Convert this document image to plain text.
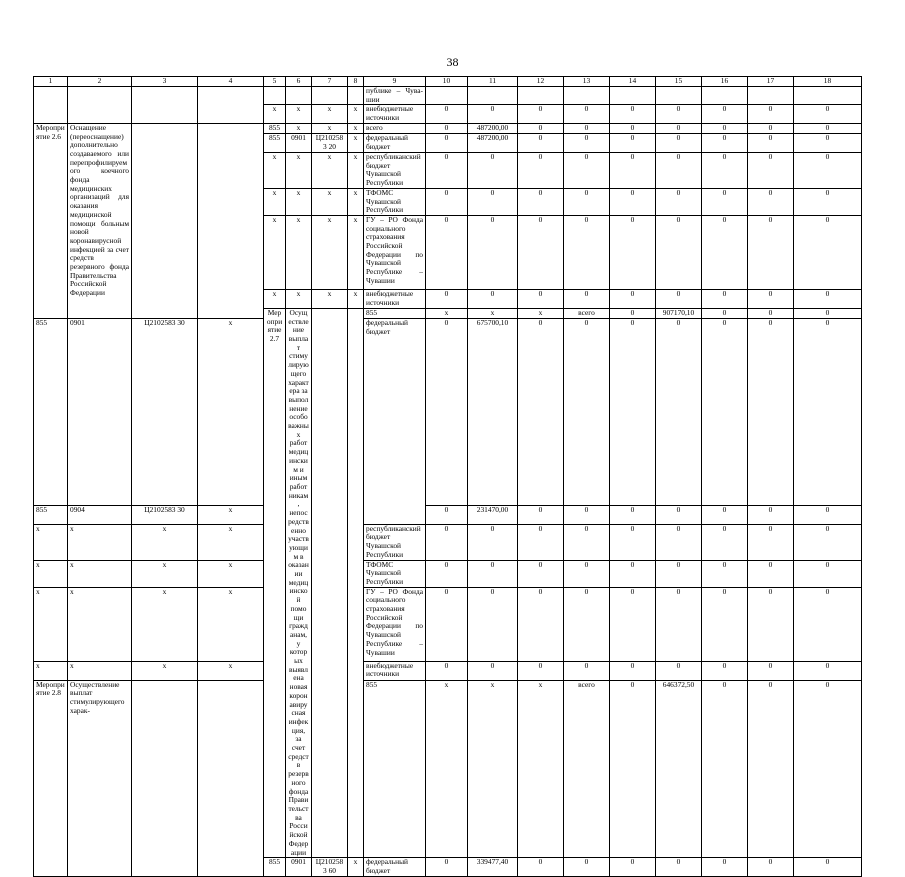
38
1	2	3	4	5	6	7	8	9	10	11	12	13	14	15	16	17	18	
								публике – Чува-шии										
				x	x	x	x	внебюджетные источники	0	0	0	0	0	0	0	0	0	
Мероприятие 2.6	Оснащение (переоснащение) дополнительно создаваемого или перепрофилируемого коечного фонда медицинских организаций для оказания медицинской помощи больным новой коронавирусной инфекцией за счет средств резервного фонда Правительства Российской Федерации			855	x	x	x	всего	0	487200,00	0	0	0	0	0	0	0	
				855	0901	Ц2102583 20	x	федеральный бюджет	0	487200,00	0	0	0	0	0	0	0	
				x	x	x	x	республиканский бюджет Чувашской Республики	0	0	0	0	0	0	0	0	0	
				x	x	x	x	ТФОМС Чувашской Республики	0	0	0	0	0	0	0	0	0	
				x	x	x	x	ГУ – РО Фонда социального страхования Российской Федерации по Чувашской Республике – Чувашии	0	0	0	0	0	0	0	0	0	
				x	x	x	x	внебюджетные источники	0	0	0	0	0	0	0	0	0	
				Мероприятие 2.7	Осуществление выплат стимулирующего характера за выполнение особо важных работ медицинским и иным работникам, непосредственно участвующим в оказании медицинской помощи гражданам, у которых выявлена новая коронавирусная инфекция, за счет средств резервного фонда Правительства Российской Федерации			855	x	x	x	всего	0	907170,10	0	0	0				
855	0901	Ц2102583 30	x					федеральный бюджет	0	675700,10	0	0	0	0	0	0	0	
855	0904	Ц2102583 30	x						0	231470,00	0	0	0	0	0	0	0	
x	x	x	x					республиканский бюджет Чувашской Республики	0	0	0	0	0	0	0	0	0	
x	x	x	x					ТФОМС Чувашской Республики	0	0	0	0	0	0	0	0	0	
x	x	x	x					ГУ – РО Фонда социального страхования Российской Федерации по Чувашской Республике – Чувашии	0	0	0	0	0	0	0	0	0	
x	x	x	x					внебюджетные источники	0	0	0	0	0	0	0	0	0	
Мероприятие 2.8	Осуществление выплат стимулирующего харак-							855	x	x	x	всего	0	646372,50	0	0	0				
				855	0901	Ц2102583 60	x	федеральный бюджет	0	339477,40	0	0	0	0	0	0	0	
